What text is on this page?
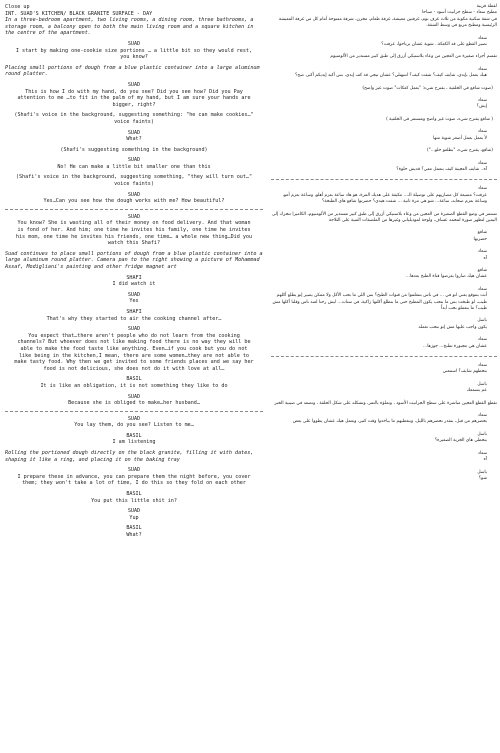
Close up

INT. SUAD'S KITCHEN/ BLACK GRANITE SURFACE - DAY

In a three-bedroom apartment, two living rooms, a dining room, three bathrooms, a storage room, a balcony open to both the main living room and a square kitchen in the centre of the apartment.

SUAD

I start by making one-cookie size portions … a little bit so they would rest, you know?

Placing small portions of dough from a blue plastic container into a large aluminum round platter.

SUAD

This is how I do with my hand, do you see? Did you see how? Did you Pay attention to me …to fit in the palm of my hand, but I am sure your hands are bigger, right?

(Shafi's voice in the background, suggesting something: "he can make cookies…" voice faints)

SUAD

What?

(Shafi's suggesting something in the background)

SUAD

No! He can make a little bit smaller one than this

(Shafi's voice in the background, suggesting something, "they will turn out…" voice faints)

SUAD

Yes…Can you see how the dough works with me? How beautiful?

SUAD

You know? She is wasting all of their money on food delivery. And that woman is fond of her. And him; one time he invites his family, one time he invites his mom, one time he invites his friends, one time… a whole new thing…Did you watch this Shafi?

Suad continues to place small portions of dough from a blue plastic container into a large aluminum round platter. Camera pan to the right showing a picture of Mohammad Assaf, Modigliani's painting and other fridge magnet art

SHAFI

I did watch it

SUAD

Yes

SHAFI

That's why they started to air the cooking channel after…

SUAD

You expect that…there aren't people who do not learn from the cooking channels? But whoever does not like making food there is no way they will be able to make the food taste like anything. Even…if you cook but you do not like being in the kitchen,I mean, there are some women…they are not able to make tasty food. Why then we get invited to some friends places and we say her food is not delicious, she does not do it with love at all…

BASIL

It is like an obligation, it is not something they like to do

SUAD

Because she is obliged to make…her husband…

SUAD

You lay them, do you see? Listen to me…

BASIL

I am listening

Rolling the portioned dough directly on the black granite, filling it with dates, shaping it like a ring, and placing it on the baking tray

SUAD

I prepare these in advance, you can prepare them the night before, you cover them; they won't take a lot of time, I do this so they fold on each other

BASIL

You put this little shit in?

SUAD

Yup

BASIL

What?

لقطة قريبة

مطبخ سعاد - سطح جرانيت أسود - صباحا

في شقة سكنية مكونة من ثلاث غرف نوم، غرفتين معيشة، غرفة طعام، مخزن، شرفة مفتوحة أمام كل من غرفة المعيشة الرئيسية ومطبخ مربع في وسط الشقة.

سعاد

بصير القطع على قد الكعكة.. شوية عشان يرتاحوا، عرفت؟

تقسم أجزاء صغيرة من العجين من وعاء بلاستيكي أزرق إلى طبق كبير مستدير من الألومنيوم

سعاد

هيك بعمل بإيدي، شايف كيف؟ شفت كيف؟ انتبهتلي؟ عشان تيجي قد كف إيدي، بس أكيد إيديكم أكبر، صح؟

(صوت شافع في الخلفية ، يقترح شيء: "بعمل كعكات" صوت غير واضح)

سعاد

إيش؟

( شافع يقترح شيء، صوت غير واضح ومستمر في الخلفية )

سعاد

لأ بعمل بعمل أصغر شوية منها

(شافع، يقترح شيء، "بطلعو حلو...")

سعاد

آه.. شايف العجينة كيف بتعمل معي؟ قديش حلوة؟

سعاد

عرفت؟ مضيعة كل مصاريهم على توصيلة الـ... مكيفة على هديك المرة، هو هاد ساعة بعزم أهلو، وساعة بعزم أمو، وساعة بعزم صحابه، ساعة... شو هي مرة ثانية ... شفت هيدي؟ حضرتوا شافع هاي الطبخة؟

تستمر في وضع القطع الصغيرة من العجين من وعاء بلاستيكي أزرق إلى طبق كبير مستدير من الألومنيوم، الكاميرا تتحرك إلى اليمين لتظهر صورة لمحمد عساف، ولوحة لموديلياني وغيرها من الملصقات الفنية على الثلاجة

شافع

حضرتها

سعاد

آه

شافع

عشان هيك صاروا يعرضوا قناة الطبخ بعدها...

سعاد

أنت بتتوقع يعني انو في ... في ناس بتتعلموا من قنوات الطبخ؟ بس اللي ما بحب الأكل ولا ممكن يصير إنو يطلع أكلهم طيب، لو طبخت بس ما بتحب يكون المطبخ حتى ما بتطلع أكلتها زاكية، في ستات... ليش رحنا لعند ناس وقلنا أكلها مش طيب؟ ما بتعملو بحب أبداً

باسل

يكون واجب عليها مش إنو بتحب تعمله

سعاد

عشان هي مجبورة تطبخ... جوزها...

سعاد

بتحطهم شايف؟ اسمعني

باسل

عم بسمعك

تقطع القطع العجين مباشرة على سطح الجرانيت الأسود ، وتملؤه بالتمر، وتشكله على شكل الحلقة ، وتضعه في صينية الخبز

سعاد

بحضرهم من قبل، بتقدر تحضرهم بالليل، وبتغطيهم ما بياخدوا وقت كثير، وبعمل هيك عشان يطووا على بعض

باسل

بتحطي هاي الخرية الصغيرة؟

سعاد

آه

باسل

شو؟
